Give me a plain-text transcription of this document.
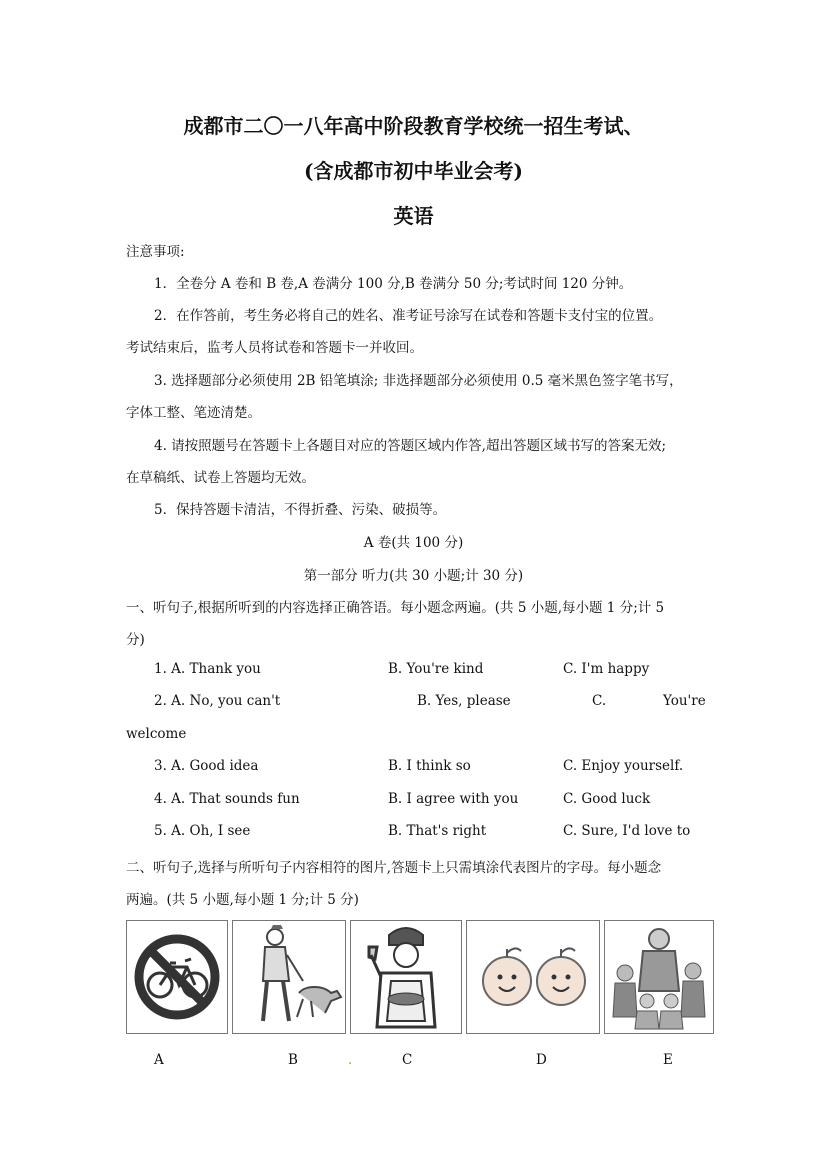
成都市二〇一八年高中阶段教育学校统一招生考试、
(含成都市初中毕业会考)
英语
注意事项:
1．全卷分 A 卷和 B 卷,A 卷满分 100 分,B 卷满分 50 分;考试时间 120 分钟。
2．在作答前，考生务必将自己的姓名、准考证号涂写在试卷和答题卡支付宝的位置。
考试结束后，监考人员将试卷和答题卡一并收回。
3. 选择题部分必须使用 2B 铅笔填涂; 非选择题部分必须使用 0.5 毫米黑色签字笔书写，
字体工整、笔迹清楚。
4. 请按照题号在答题卡上各题目对应的答题区域内作答,超出答题区域书写的答案无效;
在草稿纸、试卷上答题均无效。
5．保持答题卡清洁，不得折叠、污染、破损等。
A 卷(共 100 分)
第一部分 听力(共 30 小题;计 30 分)
一、听句子,根据所听到的内容选择正确答语。每小题念两遍。(共 5 小题,每小题 1 分;计 5
分)
1. A. Thank you	B. You're kind	C. I'm happy
2. A. No, you can't	B. Yes, please	C.	You're
welcome
3. A. Good idea	B. I think so	C. Enjoy yourself.
4. A. That sounds fun	B. I agree with you	C. Good luck
5. A. Oh, I see	B. That's right	C. Sure, I'd love to
二、听句子,选择与所听句子内容相符的图片,答题卡上只需填涂代表图片的字母。每小题念
两遍。(共 5 小题,每小题 1 分;计 5 分)
A	B	.	C	D	E
